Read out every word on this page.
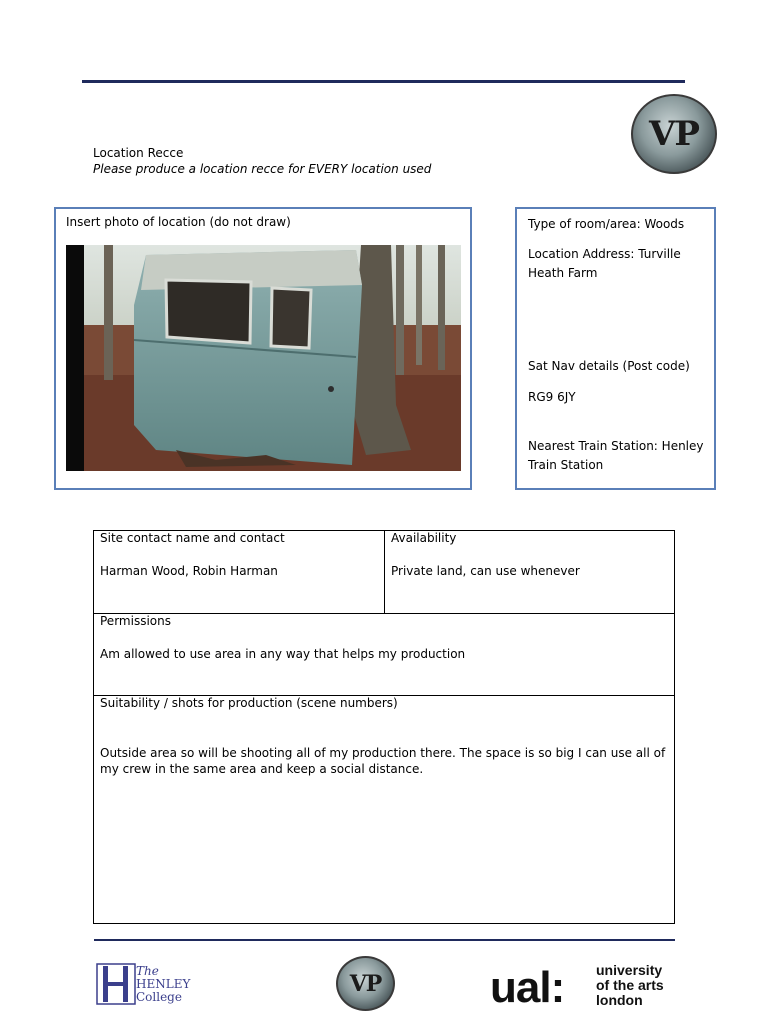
VP
Location Recce
Please produce a location recce for EVERY location used
Insert photo of location (do not draw)	Type of room/area: Woods

Location Address: Turville Heath Farm

Sat Nav details (Post code)

RG9 6JY

Nearest Train Station: Henley Train Station

Site contact name and contact
Harman Wood, Robin Harman
Availability
Private land, can use whenever
Permissions
Am allowed to use area in any way that helps my production
Suitability / shots for production (scene numbers)
Outside area so will be shooting all of my production there. The space is so big I can use all of my crew in the same area and keep a social distance.
The
HENLEY
College
VP ual: university
of the arts
london
